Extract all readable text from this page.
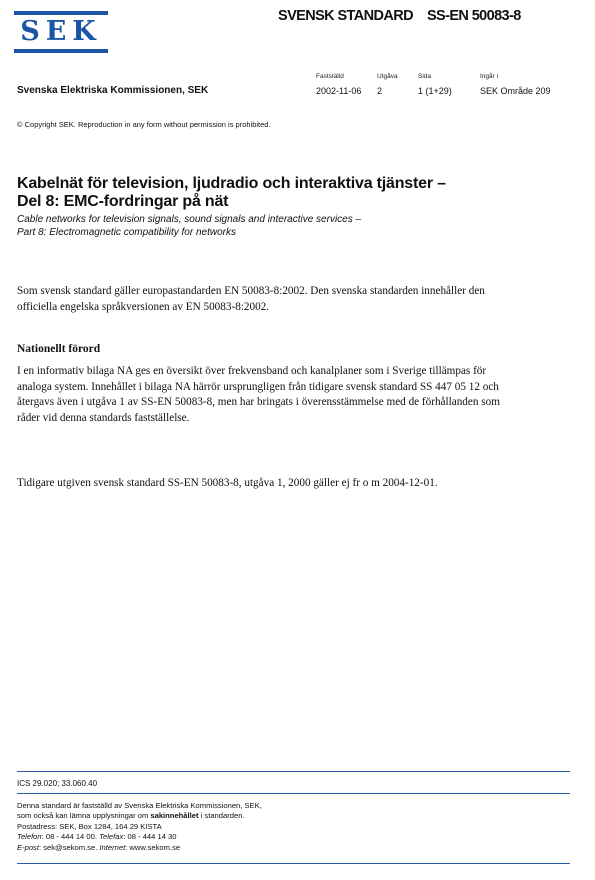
SEK	SVENSK STANDARD SS-EN 50083-8
Svenska Elektriska Kommissionen, SEK
Fastställd
2002-11-06
Utgåva
2
Sida
1 (1+29)
Ingår i
SEK Område 209
© Copyright SEK. Reproduction in any form without permission is prohibited.
Kabelnät för television, ljudradio och interaktiva tjänster –
Del 8: EMC-fordringar på nät
Cable networks for television signals, sound signals and interactive services –
Part 8: Electromagnetic compatibility for networks
Som svensk standard gäller europastandarden EN 50083-8:2002. Den svenska standarden innehåller den
officiella engelska språkversionen av EN 50083-8:2002.
Nationellt förord
I en informativ bilaga NA ges en översikt över frekvensband och kanalplaner som i Sverige tillämpas för
analoga system. Innehållet i bilaga NA härrör ursprungligen från tidigare svensk standard SS 447 05 12 och
återgavs även i utgåva 1 av SS-EN 50083-8, men har bringats i överensstämmelse med de förhållanden som
råder vid denna standards fastställelse.
Tidigare utgiven svensk standard SS-EN 50083-8, utgåva 1, 2000 gäller ej fr o m 2004-12-01.
ICS 29.020; 33.060.40
Denna standard är fastställd av Svenska Elektriska Kommissionen, SEK,
som också kan lämna upplysningar om sakinnehållet i standarden.
Postadress: SEK, Box 1284, 164 29 KISTA
Telefon: 08 - 444 14 00. Telefax: 08 - 444 14 30
E-post: sek@sekom.se. Internet: www.sekom.se
